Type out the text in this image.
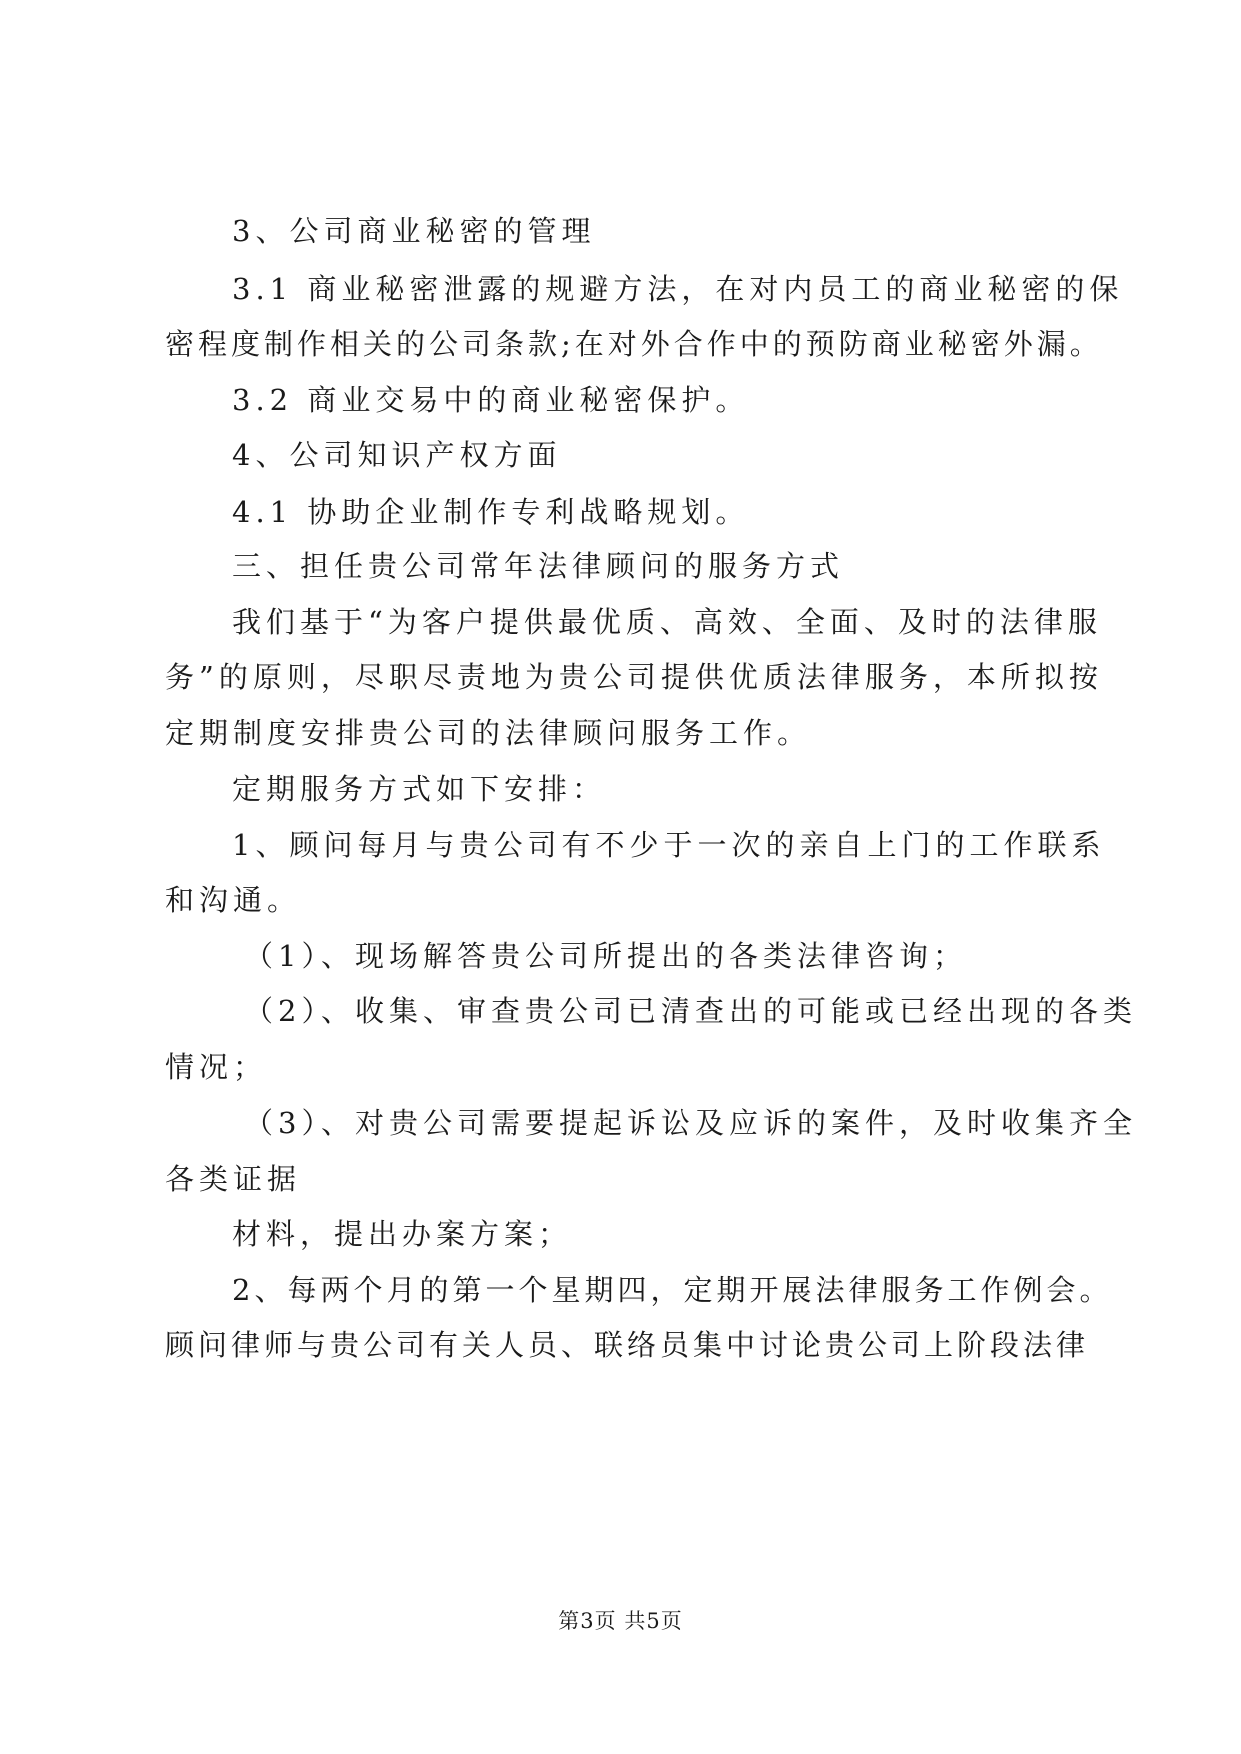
3、公司商业秘密的管理
3.1 商业秘密泄露的规避方法，在对内员工的商业秘密的保
密程度制作相关的公司条款;在对外合作中的预防商业秘密外漏。
3.2 商业交易中的商业秘密保护。
4、公司知识产权方面
4.1 协助企业制作专利战略规划。
三、担任贵公司常年法律顾问的服务方式
我们基于“为客户提供最优质、高效、全面、及时的法律服
务”的原则，尽职尽责地为贵公司提供优质法律服务，本所拟按
定期制度安排贵公司的法律顾问服务工作。
定期服务方式如下安排：
1、顾问每月与贵公司有不少于一次的亲自上门的工作联系
和沟通。
（1）、现场解答贵公司所提出的各类法律咨询；
（2）、收集、审查贵公司已清查出的可能或已经出现的各类
情况；
（3）、对贵公司需要提起诉讼及应诉的案件，及时收集齐全
各类证据
材料，提出办案方案；
2、每两个月的第一个星期四，定期开展法律服务工作例会。
顾问律师与贵公司有关人员、联络员集中讨论贵公司上阶段法律
第3页 共5页
